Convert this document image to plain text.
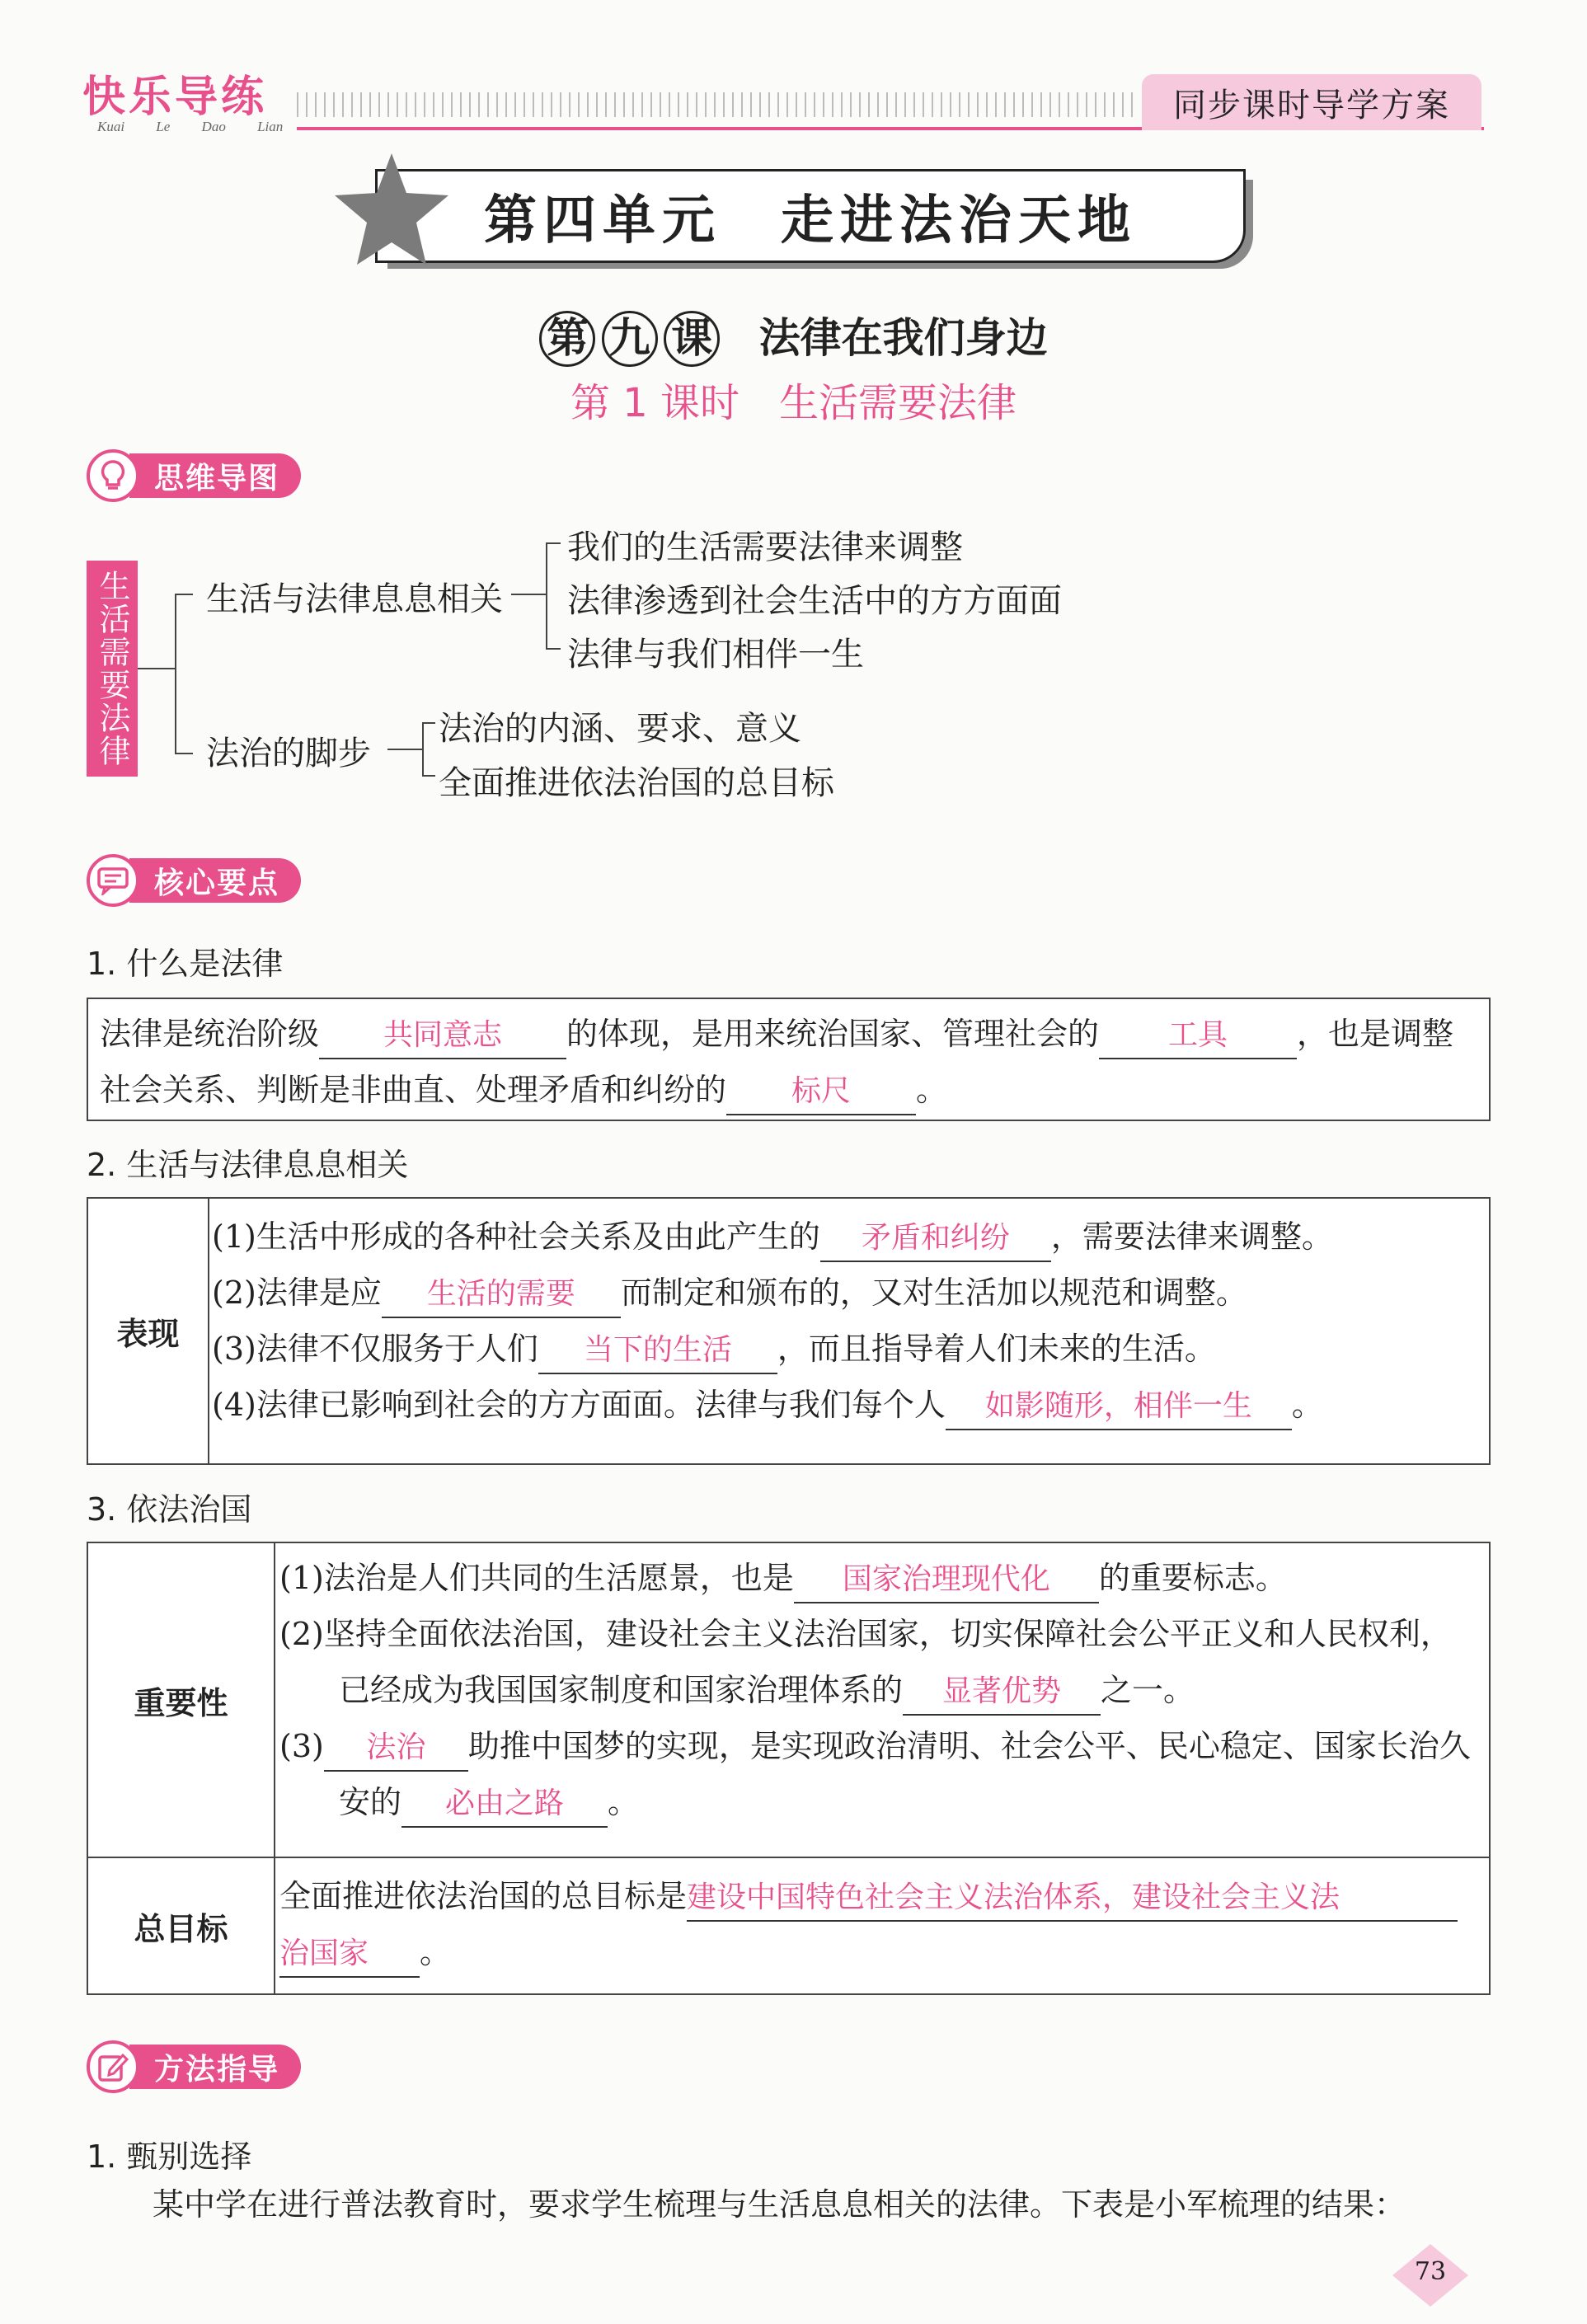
快乐导练
Kuai Le Dao Lian
同步课时导学方案
第四单元　走进法治天地
第 九 课 法律在我们身边
第 1 课时　生活需要法律
思维导图
生活需要法律 生活与法律息息相关
我们的生活需要法律来调整
法律渗透到社会生活中的方方面面
法律与我们相伴一生
法治的脚步
法治的内涵、要求、意义
全面推进依法治国的总目标
核心要点
1. 什么是法律
法律是统治阶级 共同意志 的体现，是用来统治国家、管理社会的 工具 ，也是调整
社会关系、判断是非曲直、处理矛盾和纠纷的 标尺 。
2. 生活与法律息息相关
表现
(1)生活中形成的各种社会关系及由此产生的 矛盾和纠纷 ，需要法律来调整。
(2)法律是应 生活的需要 而制定和颁布的，又对生活加以规范和调整。
(3)法律不仅服务于人们 当下的生活 ，而且指导着人们未来的生活。
(4)法律已影响到社会的方方面面。法律与我们每个人 如影随形，相伴一生 。
3. 依法治国
重要性
(1)法治是人们共同的生活愿景，也是 国家治理现代化 的重要标志。
(2)坚持全面依法治国，建设社会主义法治国家，切实保障社会公平正义和人民权利，
已经成为我国国家制度和国家治理体系的 显著优势 之一。
(3) 法治 助推中国梦的实现，是实现政治清明、社会公平、民心稳定、国家长治久
安的 必由之路 。
总目标
全面推进依法治国的总目标是建设中国特色社会主义法治体系，建设社会主义法
治国家 。
方法指导
1. 甄别选择
某中学在进行普法教育时，要求学生梳理与生活息息相关的法律。下表是小军梳理的结果：
73
